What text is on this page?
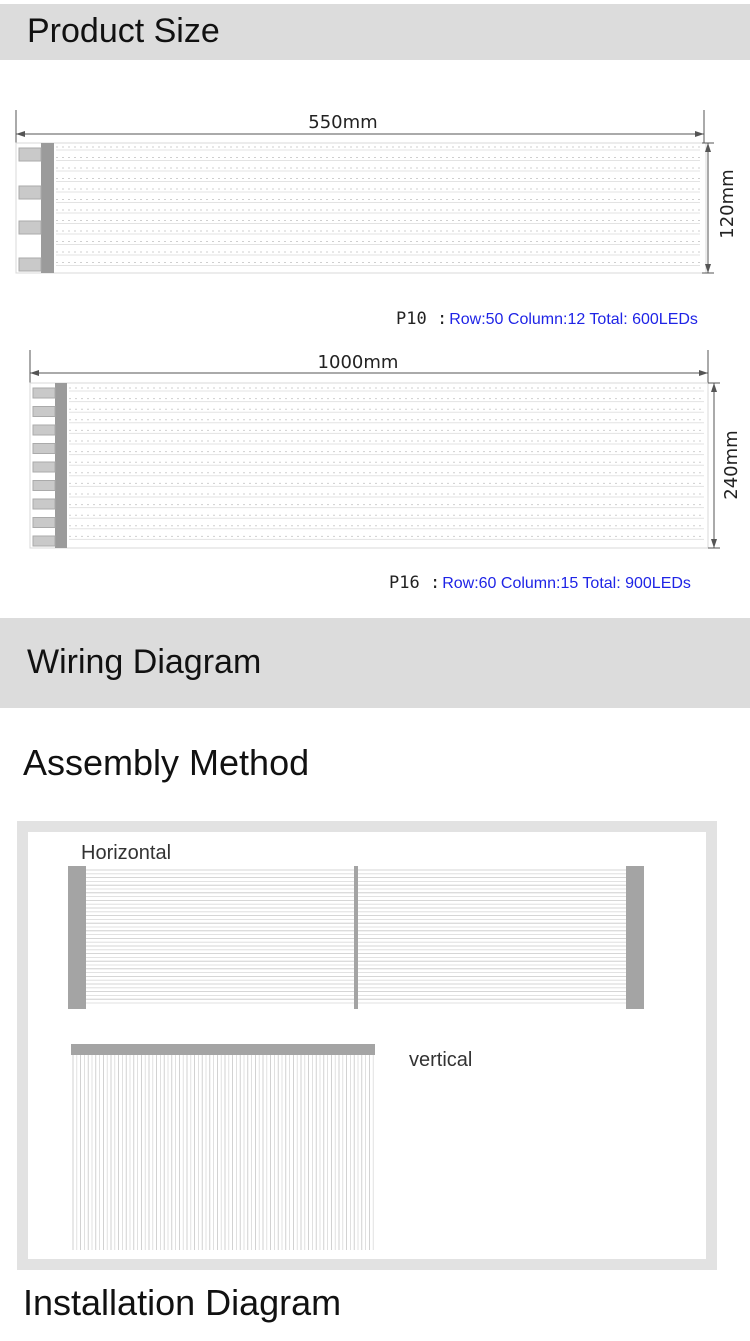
Product Size
550mm
120mm
P10 : Row:50 Column:12 Total: 600LEDs
1000mm
240mm
P16 : Row:60 Column:15 Total: 900LEDs
Wiring Diagram
Assembly Method
Horizontal
vertical
Installation Diagram
